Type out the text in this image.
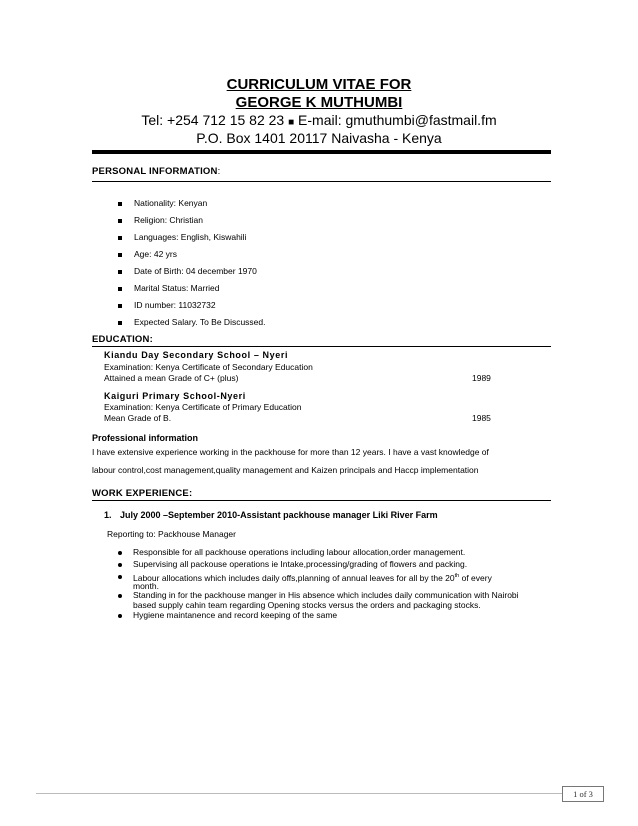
CURRICULUM VITAE FOR
GEORGE K MUTHUMBI
Tel: +254 712 15 82 23 ■ E-mail: gmuthumbi@fastmail.fm
P.O. Box 1401 20117 Naivasha - Kenya
PERSONAL INFORMATION:
Nationality: Kenyan
Religion: Christian
Languages: English, Kiswahili
Age: 42 yrs
Date of Birth: 04 december 1970
Marital Status: Married
ID number: 11032732
Expected Salary. To Be Discussed.
EDUCATION:
Kiandu Day Secondary School – Nyeri
Examination: Kenya Certificate of Secondary Education
Attained a mean Grade of C+ (plus)	1989
Kaiguri Primary School-Nyeri
Examination: Kenya Certificate of Primary Education
Mean Grade of B.	1985
Professional information
I have extensive experience working in the packhouse for more than 12 years. I have a vast knowledge of
labour control,cost management,quality management and Kaizen principals and Haccp implementation
WORK EXPERIENCE:
1. July 2000 –September 2010-Assistant packhouse manager Liki River Farm
Reporting to: Packhouse Manager
Responsible for all packhouse operations including labour allocation,order management.
Supervising all packouse operations ie Intake,processing/grading of flowers and packing.
Labour allocations which includes daily offs,planning of annual leaves for all by the 20th of every
month.
Standing in for the packhouse manger in His absence which includes daily communication with Nairobi
based supply cahin team regarding Opening stocks versus the orders and packaging stocks.
Hygiene maintanence and record keeping of the same
1 of 3
